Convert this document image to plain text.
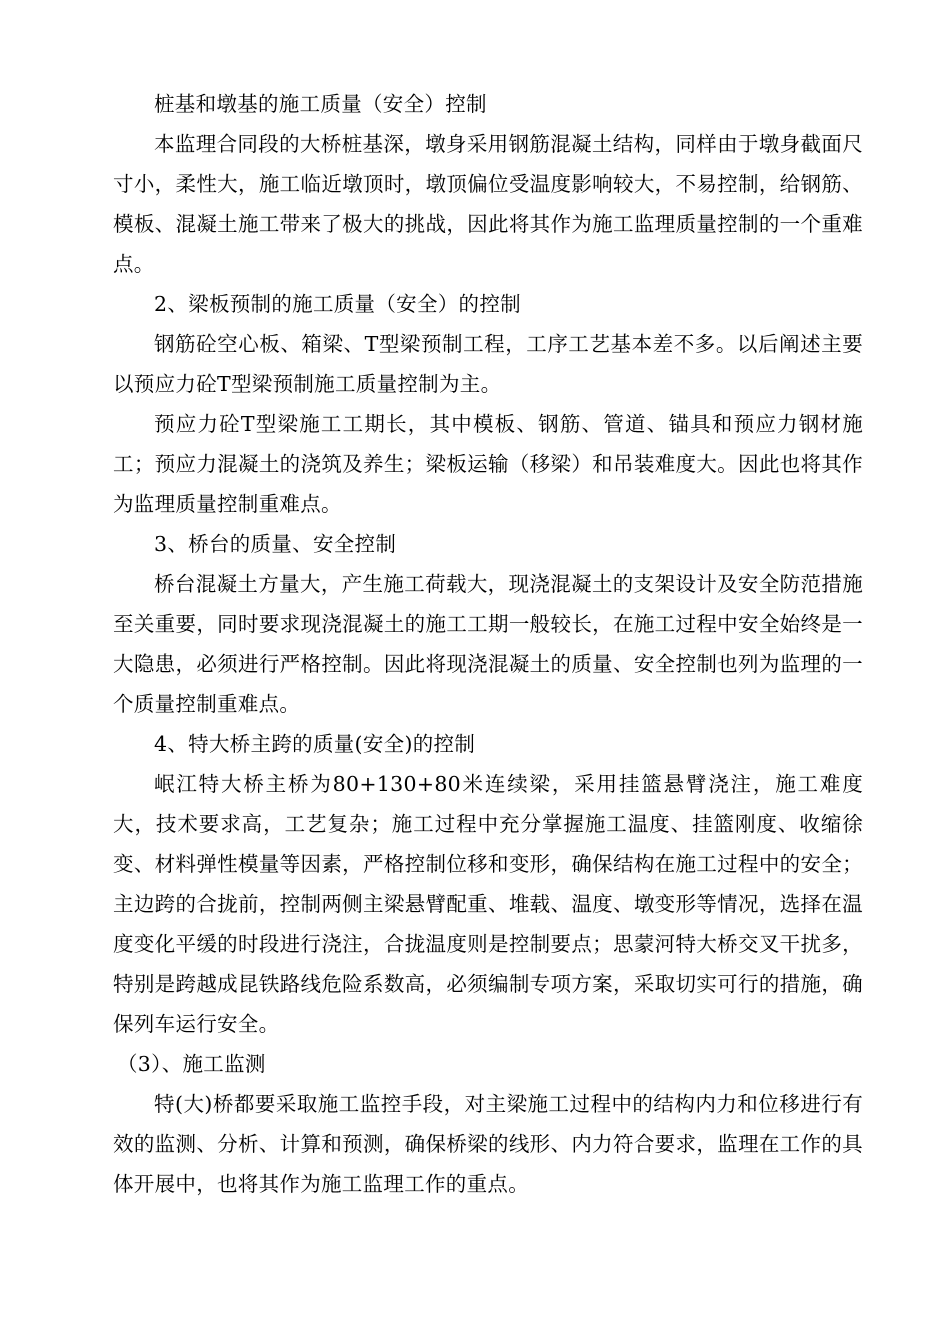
桩基和墩基的施工质量（安全）控制

本监理合同段的大桥桩基深，墩身采用钢筋混凝土结构，同样由于墩身截面尺寸小，柔性大，施工临近墩顶时，墩顶偏位受温度影响较大，不易控制，给钢筋、模板、混凝土施工带来了极大的挑战，因此将其作为施工监理质量控制的一个重难点。

2、梁板预制的施工质量（安全）的控制

钢筋砼空心板、箱梁、T型梁预制工程，工序工艺基本差不多。以后阐述主要以预应力砼T型梁预制施工质量控制为主。

预应力砼T型梁施工工期长，其中模板、钢筋、管道、锚具和预应力钢材施工；预应力混凝土的浇筑及养生；梁板运输（移梁）和吊装难度大。因此也将其作为监理质量控制重难点。

3、桥台的质量、安全控制

桥台混凝土方量大，产生施工荷载大，现浇混凝土的支架设计及安全防范措施至关重要，同时要求现浇混凝土的施工工期一般较长，在施工过程中安全始终是一大隐患，必须进行严格控制。因此将现浇混凝土的质量、安全控制也列为监理的一个质量控制重难点。

4、特大桥主跨的质量(安全)的控制

岷江特大桥主桥为80+130+80米连续梁，采用挂篮悬臂浇注，施工难度大，技术要求高，工艺复杂；施工过程中充分掌握施工温度、挂篮刚度、收缩徐变、材料弹性模量等因素，严格控制位移和变形，确保结构在施工过程中的安全；主边跨的合拢前，控制两侧主梁悬臂配重、堆载、温度、墩变形等情况，选择在温度变化平缓的时段进行浇注，合拢温度则是控制要点；思蒙河特大桥交叉干扰多，特别是跨越成昆铁路线危险系数高，必须编制专项方案，采取切实可行的措施，确保列车运行安全。

（3）、施工监测

特(大)桥都要采取施工监控手段，对主梁施工过程中的结构内力和位移进行有效的监测、分析、计算和预测，确保桥梁的线形、内力符合要求，监理在工作的具体开展中，也将其作为施工监理工作的重点。
